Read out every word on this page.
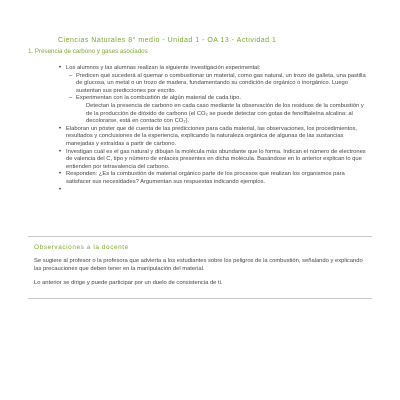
Ciencias Naturales 8° medio - Unidad 1 - OA 13 - Actividad 1
1. Presencia de carbono y gases asociados
• Los alumnos y las alumnas realizan la siguiente investigación experimental:
– Predicen qué sucederá al quemar o combustionar un material, como gas natural, un trozo de galleta, una pastilla de glucosa, un metal o un trozo de madera, fundamentando su condición de orgánico o inorgánico. Luego sustentan sus predicciones por escrito.
– Experimentan con la combustión de algún material de cada tipo.
Detectan la presencia de carbono en cada caso mediante la observación de los residuos de la combustión y de la producción de dióxido de carbono (el CO₂ se puede detectar con gotas de fenolftaleína alcalina: al decolorarse, está en contacto con CO₂).
• Elaboran un póster que dé cuenta de las predicciones para cada material, las observaciones, los procedimientos, resultados y conclusiones de la experiencia, explicando la naturaleza orgánica de algunas de las sustancias manejadas y extraídas a partir de carbono.
• Investigan cuál es el gas natural y dibujan la molécula más abundante que lo forma. Indican el número de electrones de valencia del C, tipo y número de enlaces presentes en dicha molécula. Basándose en lo anterior explican lo que entienden por tetravalencia del carbono.
• Responden: ¿Es la combustión de material orgánico parte de los procesos que realizan los organismos para satisfacer sus necesidades? Argumentan sus respuestas indicando ejemplos.
Observaciones a la docente

Se sugiere al profesor o la profesora que advierta a los estudiantes sobre los peligros de la combustión, señalando y explicando las precauciones que deben tener en la manipulación del material.

Lo anterior se dirige y puede participar por un duelo de consistencia de ti.
